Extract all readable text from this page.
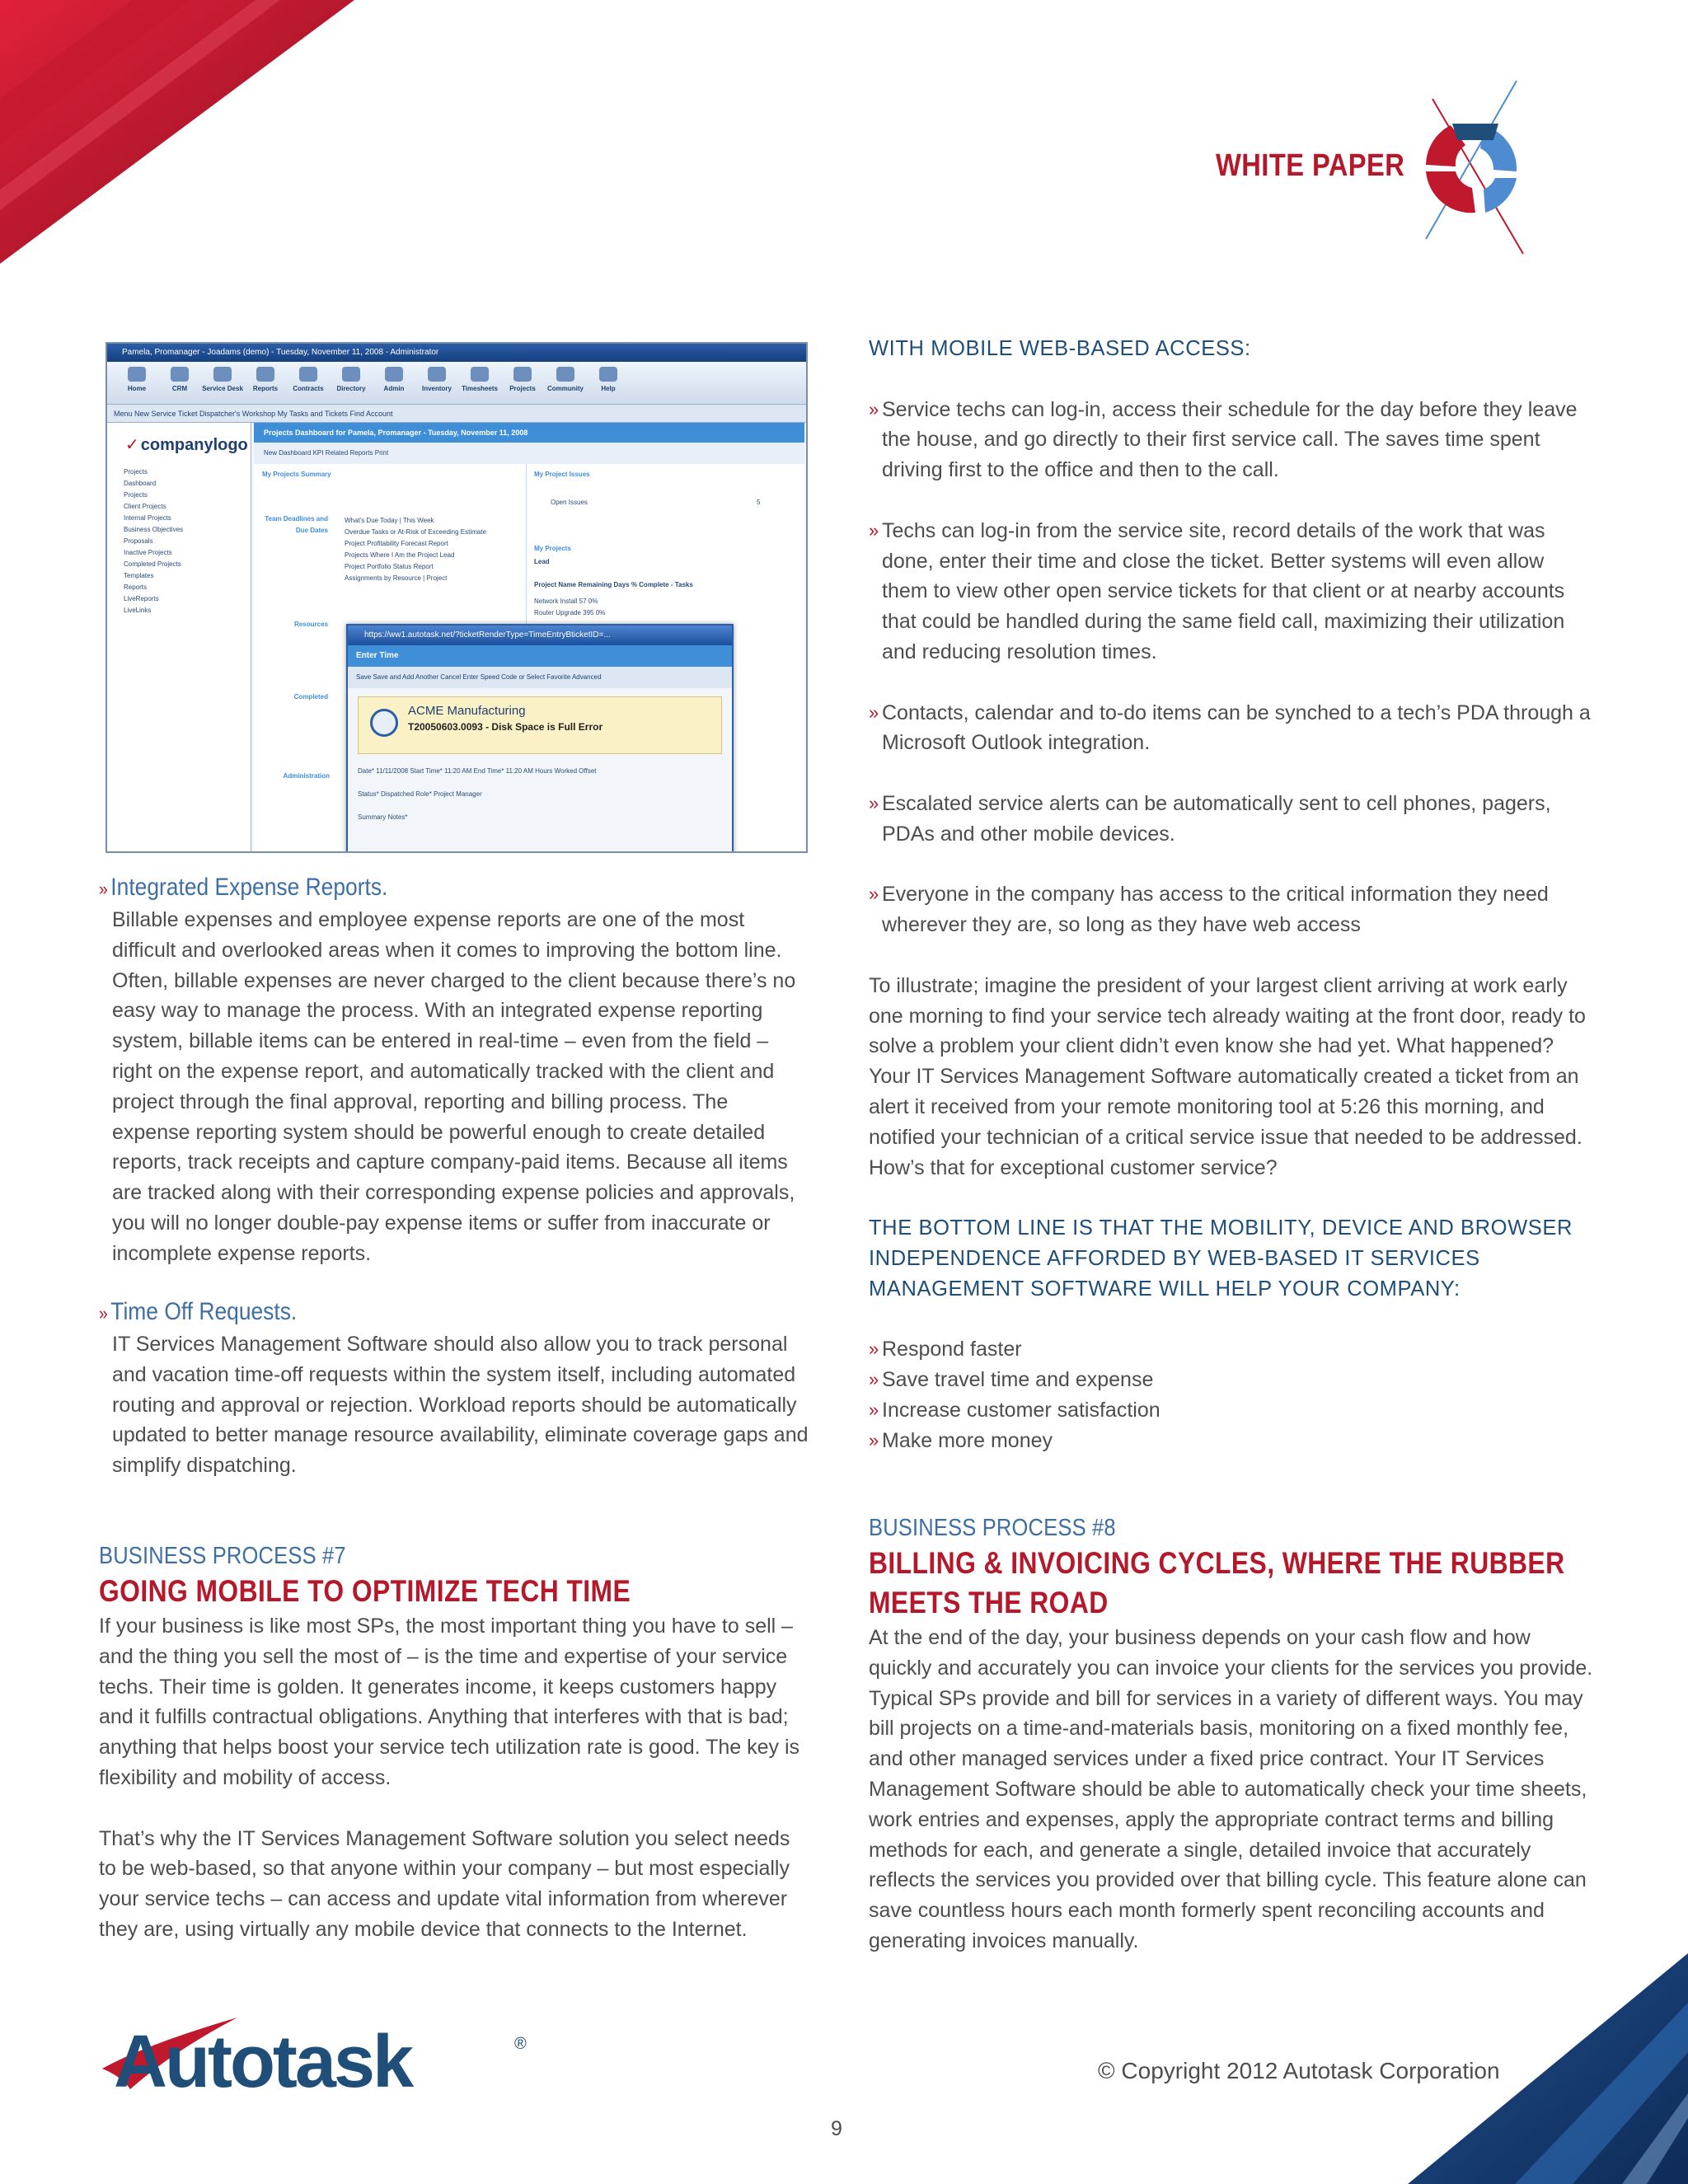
WHITE PAPER
Pamela, Promanager - Joadams (demo) - Tuesday, November 11, 2008 - Administrator
Home	CRM	Service Desk	Reports	Contracts	Directory	Admin	Inventory	Timesheets	Projects	Community	Help
Menu New Service Ticket Dispatcher's Workshop My Tasks and Tickets Find Account
✓ companylogo
Projects
Dashboard
Projects
Client Projects
Internal Projects
Business Objectives
Proposals
Inactive Projects
Completed Projects
Templates
Reports
LiveReports
LiveLinks
Projects Dashboard for Pamela, Promanager - Tuesday, November 11, 2008
New Dashboard KPI Related Reports Print
My Projects Summary
Team Deadlines and Due Dates
What's Due Today | This Week
Overdue Tasks or At-Risk of Exceeding Estimate
Project Profitability Forecast Report
Projects Where I Am the Project Lead
Project Portfolio Status Report
Assignments by Resource | Project
Resources
Completed
Administration
My Project Issues
Open Issues	5
My Projects
Lead
Project Name Remaining Days % Complete - Tasks
Network Install 57 0%
Router Upgrade 395 0%
https://ww1.autotask.net/?ticketRenderType=TimeEntryBticketID=...
Enter Time
Save Save and Add Another Cancel Enter Speed Code or Select Favorite Advanced
ACME Manufacturing
T20050603.0093 - Disk Space is Full Error
Date* 11/11/2008 Start Time* 11:20 AM End Time* 11:20 AM Hours Worked Offset
Status* Dispatched Role* Project Manager
Summary Notes*
» Integrated Expense Reports.

Billable expenses and employee expense reports are one of the most difficult and overlooked areas when it comes to improving the bottom line. Often, billable expenses are never charged to the client because there’s no easy way to manage the process. With an integrated expense reporting system, billable items can be entered in real-time – even from the field – right on the expense report, and automatically tracked with the client and project through the final approval, reporting and billing process. The expense reporting system should be powerful enough to create detailed reports, track receipts and capture company-paid items. Because all items are tracked along with their corresponding expense policies and approvals, you will no longer double-pay expense items or suffer from inaccurate or incomplete expense reports.

» Time Off Requests.

IT Services Management Software should also allow you to track personal and vacation time-off requests within the system itself, including automated routing and approval or rejection. Workload reports should be automatically updated to better manage resource availability, eliminate coverage gaps and simplify dispatching.

BUSINESS PROCESS #7
GOING MOBILE TO OPTIMIZE TECH TIME

If your business is like most SPs, the most important thing you have to sell – and the thing you sell the most of – is the time and expertise of your service techs. Their time is golden. It generates income, it keeps customers happy and it fulfills contractual obligations. Anything that interferes with that is bad; anything that helps boost your service tech utilization rate is good. The key is flexibility and mobility of access.

That’s why the IT Services Management Software solution you select needs to be web-based, so that anyone within your company – but most especially your service techs – can access and update vital information from wherever they are, using virtually any mobile device that connects to the Internet.

WITH MOBILE WEB-BASED ACCESS:
» Service techs can log-in, access their schedule for the day before they leave the house, and go directly to their first service call. The saves time spent driving first to the office and then to the call.
» Techs can log-in from the service site, record details of the work that was done, enter their time and close the ticket. Better systems will even allow them to view other open service tickets for that client or at nearby accounts that could be handled during the same field call, maximizing their utilization and reducing resolution times.
» Contacts, calendar and to-do items can be synched to a tech’s PDA through a Microsoft Outlook integration.
» Escalated service alerts can be automatically sent to cell phones, pagers, PDAs and other mobile devices.
» Everyone in the company has access to the critical information they need wherever they are, so long as they have web access

To illustrate; imagine the president of your largest client arriving at work early one morning to find your service tech already waiting at the front door, ready to solve a problem your client didn’t even know she had yet. What happened? Your IT Services Management Software automatically created a ticket from an alert it received from your remote monitoring tool at 5:26 this morning, and notified your technician of a critical service issue that needed to be addressed. How’s that for exceptional customer service?

THE BOTTOM LINE IS THAT THE MOBILITY, DEVICE AND BROWSER INDEPENDENCE AFFORDED BY WEB-BASED IT SERVICES MANAGEMENT SOFTWARE WILL HELP YOUR COMPANY:

» Respond faster
» Save travel time and expense
» Increase customer satisfaction
» Make more money
BUSINESS PROCESS #8
BILLING & INVOICING CYCLES, WHERE THE RUBBER MEETS THE ROAD

At the end of the day, your business depends on your cash flow and how quickly and accurately you can invoice your clients for the services you provide. Typical SPs provide and bill for services in a variety of different ways. You may bill projects on a time-and-materials basis, monitoring on a fixed monthly fee, and other managed services under a fixed price contract. Your IT Services Management Software should be able to automatically check your time sheets, work entries and expenses, apply the appropriate contract terms and billing methods for each, and generate a single, detailed invoice that accurately reflects the services you provided over that billing cycle. This feature alone can save countless hours each month formerly spent reconciling accounts and generating invoices manually.

Autotask	®
© Copyright 2012 Autotask Corporation
9
